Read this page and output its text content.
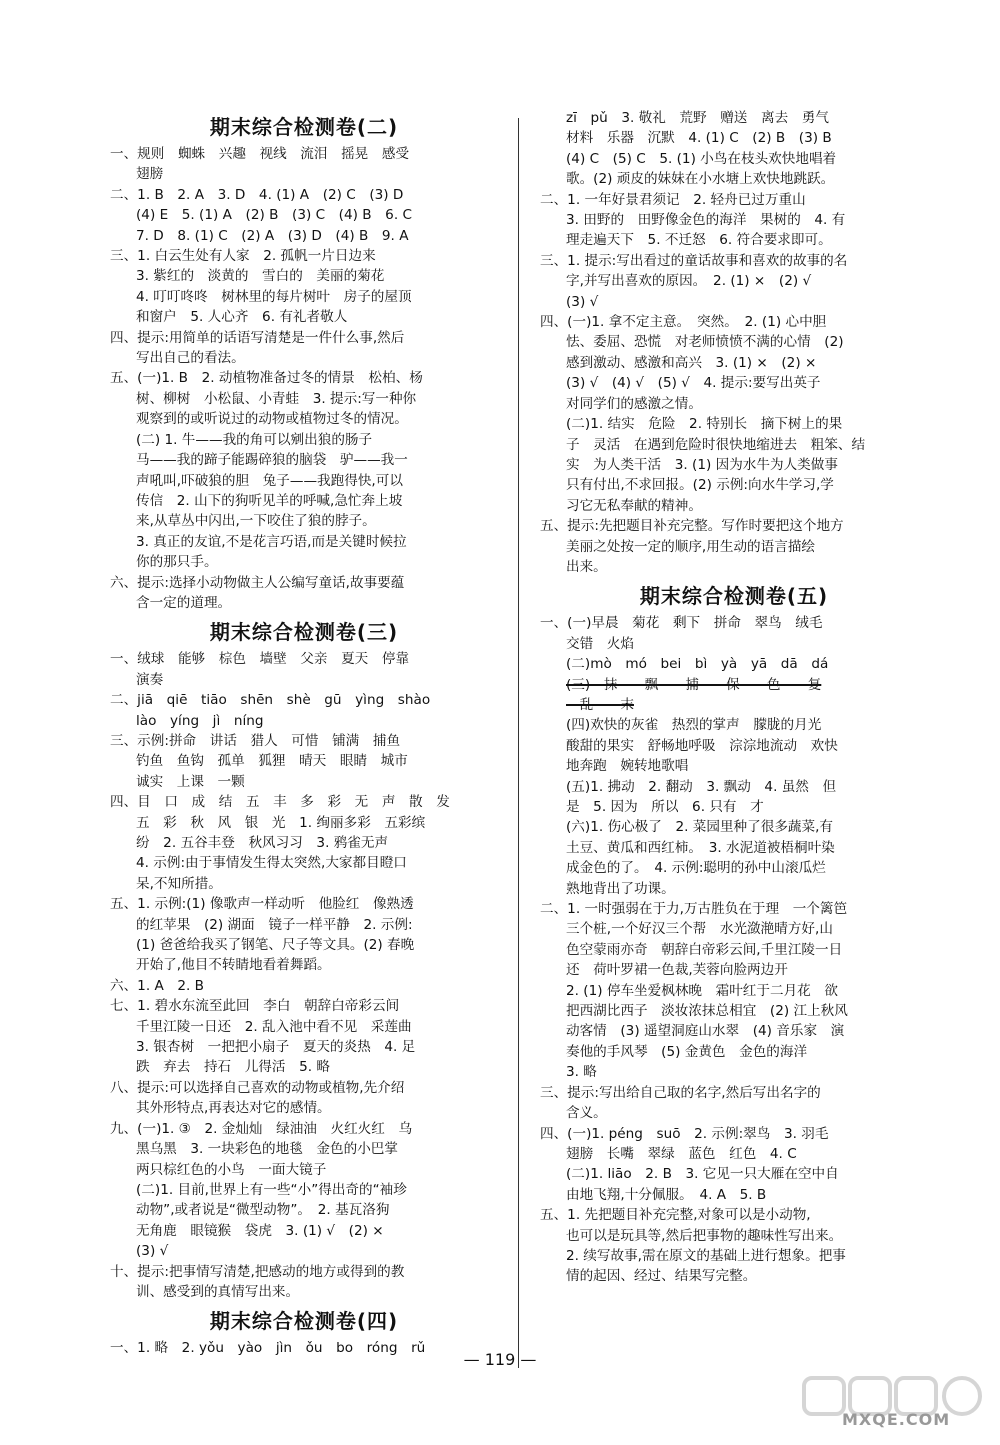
期末综合检测卷(二)
一、规则　蜘蛛　兴趣　视线　流泪　摇晃　感受
翅膀
二、1. B　2. A　3. D　4. (1) A　(2) C　(3) D
(4) E　5. (1) A　(2) B　(3) C　(4) B　6. C
7. D　8. (1) C　(2) A　(3) D　(4) B　9. A
三、1. 白云生处有人家　2. 孤帆一片日边来
3. 紫红的　淡黄的　雪白的　美丽的菊花
4. 叮叮咚咚　树林里的每片树叶　房子的屋顶
和窗户　5. 人心齐　6. 有礼者敬人
四、提示:用简单的话语写清楚是一件什么事,然后
写出自己的看法。
五、(一)1. B　2. 动植物准备过冬的情景　松柏、杨
树、柳树　小松鼠、小青蛙　3. 提示:写一种你
观察到的或听说过的动物或植物过冬的情况。
(二) 1. 牛——我的角可以剜出狼的肠子
马——我的蹄子能踢碎狼的脑袋　驴——我一
声吼叫,吓破狼的胆　兔子——我跑得快,可以
传信　2. 山下的狗听见羊的呼喊,急忙奔上坡
来,从草丛中闪出,一下咬住了狼的脖子。
3. 真正的友谊,不是花言巧语,而是关键时候拉
你的那只手。
六、提示:选择小动物做主人公编写童话,故事要蕴
含一定的道理。
期末综合检测卷(三)
一、绒球　能够　棕色　墙壁　父亲　夏天　停靠
演奏
二、jiā　qiē　tiāo　shēn　shè　gū　yìng　shào
lào　yíng　jì　níng
三、示例:拼命　讲话　猎人　可惜　铺满　捕鱼
钓鱼　鱼钩　孤单　狐狸　晴天　眼睛　城市
诚实　上课　一颗
四、目　口　成　结　五　丰　多　彩　无　声　散　发
五　彩　秋　风　银　光　1. 绚丽多彩　五彩缤
纷　2. 五谷丰登　秋风习习　3. 鸦雀无声
4. 示例:由于事情发生得太突然,大家都目瞪口
呆,不知所措。
五、1. 示例:(1) 像歌声一样动听　他脸红　像熟透
的红苹果　(2) 湖面　镜子一样平静　2. 示例:
(1) 爸爸给我买了钢笔、尺子等文具。(2) 春晚
开始了,他目不转睛地看着舞蹈。
六、1. A　2. B
七、1. 碧水东流至此回　李白　朝辞白帝彩云间
千里江陵一日还　2. 乱入池中看不见　采莲曲
3. 银杏树　一把把小扇子　夏天的炎热　4. 足
跌　弃去　持石　儿得活　5. 略
八、提示:可以选择自己喜欢的动物或植物,先介绍
其外形特点,再表达对它的感情。
九、(一)1. ③　2. 金灿灿　绿油油　火红火红　乌
黑乌黑　3. 一块彩色的地毯　金色的小巴掌
两只棕红色的小鸟　一面大镜子
(二)1. 目前,世界上有一些“小”得出奇的“袖珍
动物”,或者说是“微型动物”。　2. 基瓦洛狗
无角鹿　眼镜猴　袋虎　3. (1) √　(2) ×
(3) √
十、提示:把事情写清楚,把感动的地方或得到的教
训、感受到的真情写出来。
期末综合检测卷(四)
一、1. 略　2. yǒu　yào　jìn　ǒu　bo　róng　rǔ
zī　pǔ　3. 敬礼　荒野　赠送　离去　勇气
材料　乐器　沉默　4. (1) C　(2) B　(3) B
(4) C　(5) C　5. (1) 小鸟在枝头欢快地唱着
歌。(2) 顽皮的妹妹在小水塘上欢快地跳跃。
二、1. 一年好景君须记　2. 轻舟已过万重山
3. 田野的　田野像金色的海洋　果树的　4. 有
理走遍天下　5. 不迁怒　6. 符合要求即可。
三、1. 提示:写出看过的童话故事和喜欢的故事的名
字,并写出喜欢的原因。　2. (1) ×　(2) √
(3) √
四、(一)1. 拿不定主意。　突然。　2. (1) 心中胆
怯、委屈、恐慌　对老师愤愤不满的心情　(2)
感到激动、感激和高兴　3. (1) ×　(2) ×
(3) √　(4) √　(5) √　4. 提示:要写出英子
对同学们的感激之情。
(二)1. 结实　危险　2. 特别长　摘下树上的果
子　灵活　在遇到危险时很快地缩进去　粗笨、结
实　为人类干活　3. (1) 因为水牛为人类做事
只有付出,不求回报。(2) 示例:向水牛学习,学
习它无私奉献的精神。
五、提示:先把题目补充完整。写作时要把这个地方
美丽之处按一定的顺序,用生动的语言描绘
出来。
期末综合检测卷(五)
一、(一)早晨　菊花　剩下　拼命　翠鸟　绒毛
交错　火焰
(二)mò　mó　bei　bì　yà　yā　dā　dá
(三)　抹　　飘　　捕　　保　　色　　复
　乱　　末
(四)欢快的灰雀　热烈的掌声　朦胧的月光
酸甜的果实　舒畅地呼吸　淙淙地流动　欢快
地奔跑　婉转地歌唱
(五)1. 拂动　2. 翻动　3. 飘动　4. 虽然　但
是　5. 因为　所以　6. 只有　才
(六)1. 伤心极了　2. 菜园里种了很多蔬菜,有
土豆、黄瓜和西红柿。　3. 水泥道被梧桐叶染
成金色的了。　4. 示例:聪明的孙中山滚瓜烂
熟地背出了功课。
二、1. 一时强弱在于力,万古胜负在于理　一个篱笆
三个桩,一个好汉三个帮　水光潋滟晴方好,山
色空蒙雨亦奇　朝辞白帝彩云间,千里江陵一日
还　荷叶罗裙一色裁,芙蓉向脸两边开
2. (1) 停车坐爱枫林晚　霜叶红于二月花　欲
把西湖比西子　淡妆浓抹总相宜　(2) 江上秋风
动客情　(3) 遥望洞庭山水翠　(4) 音乐家　演
奏他的手风琴　(5) 金黄色　金色的海洋
3. 略
三、提示:写出给自己取的名字,然后写出名字的
含义。
四、(一)1. péng　suō　2. 示例:翠鸟　3. 羽毛
翅膀　长嘴　翠绿　蓝色　红色　4. C
(二)1. liāo　2. B　3. 它见一只大雁在空中自
由地飞翔,十分佩服。　4. A　5. B
五、1. 先把题目补充完整,对象可以是小动物,
也可以是玩具等,然后把事物的趣味性写出来。
2. 续写故事,需在原文的基础上进行想象。把事
情的起因、经过、结果写完整。
— 119 —
MXQE.COM
